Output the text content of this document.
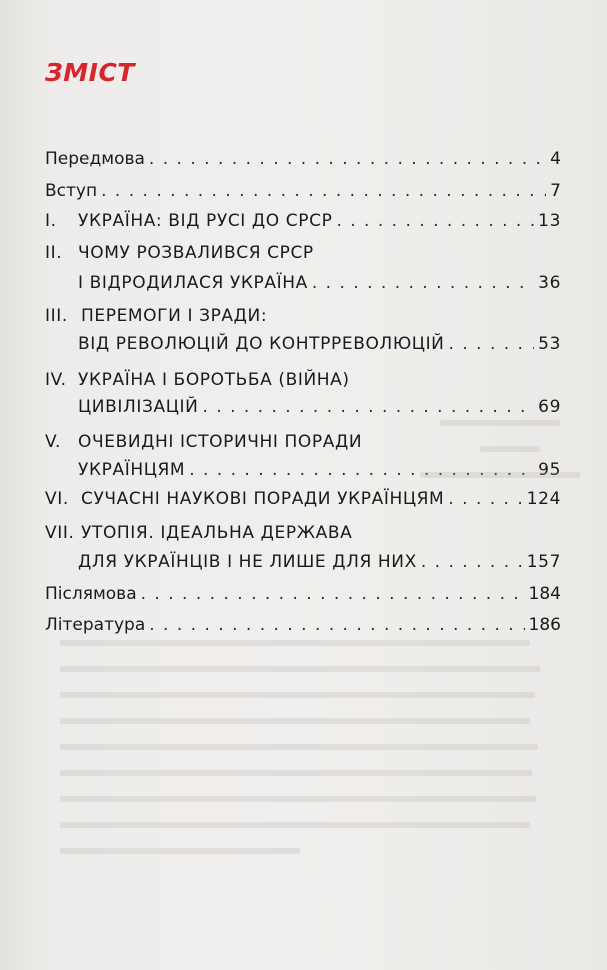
ЗМІСТ
Передмова . . .	4
Вступ . . .	7
I.	УКРАЇНА: ВІД РУСІ ДО СРСР . . .	13
II. ЧОМУ РОЗВАЛИВСЯ СРСР
І ВІДРОДИЛАСЯ УКРАЇНА . . .	36
III. ПЕРЕМОГИ І ЗРАДИ:
ВІД РЕВОЛЮЦІЙ ДО КОНТРРЕВОЛЮЦІЙ . . .	53
IV. УКРАЇНА І БОРОТЬБА (ВІЙНА)
ЦИВІЛІЗАЦІЙ . . .	69
V. ОЧЕВИДНІ ІСТОРИЧНІ ПОРАДИ
УКРАЇНЦЯМ . . .	95
VI. СУЧАСНІ НАУКОВІ ПОРАДИ УКРАЇНЦЯМ . . .	124
VII. УТОПІЯ. ІДЕАЛЬНА ДЕРЖАВА
ДЛЯ УКРАЇНЦІВ І НЕ ЛИШЕ ДЛЯ НИХ . . .	157
Післямова . . .	184
Література . . .	186
